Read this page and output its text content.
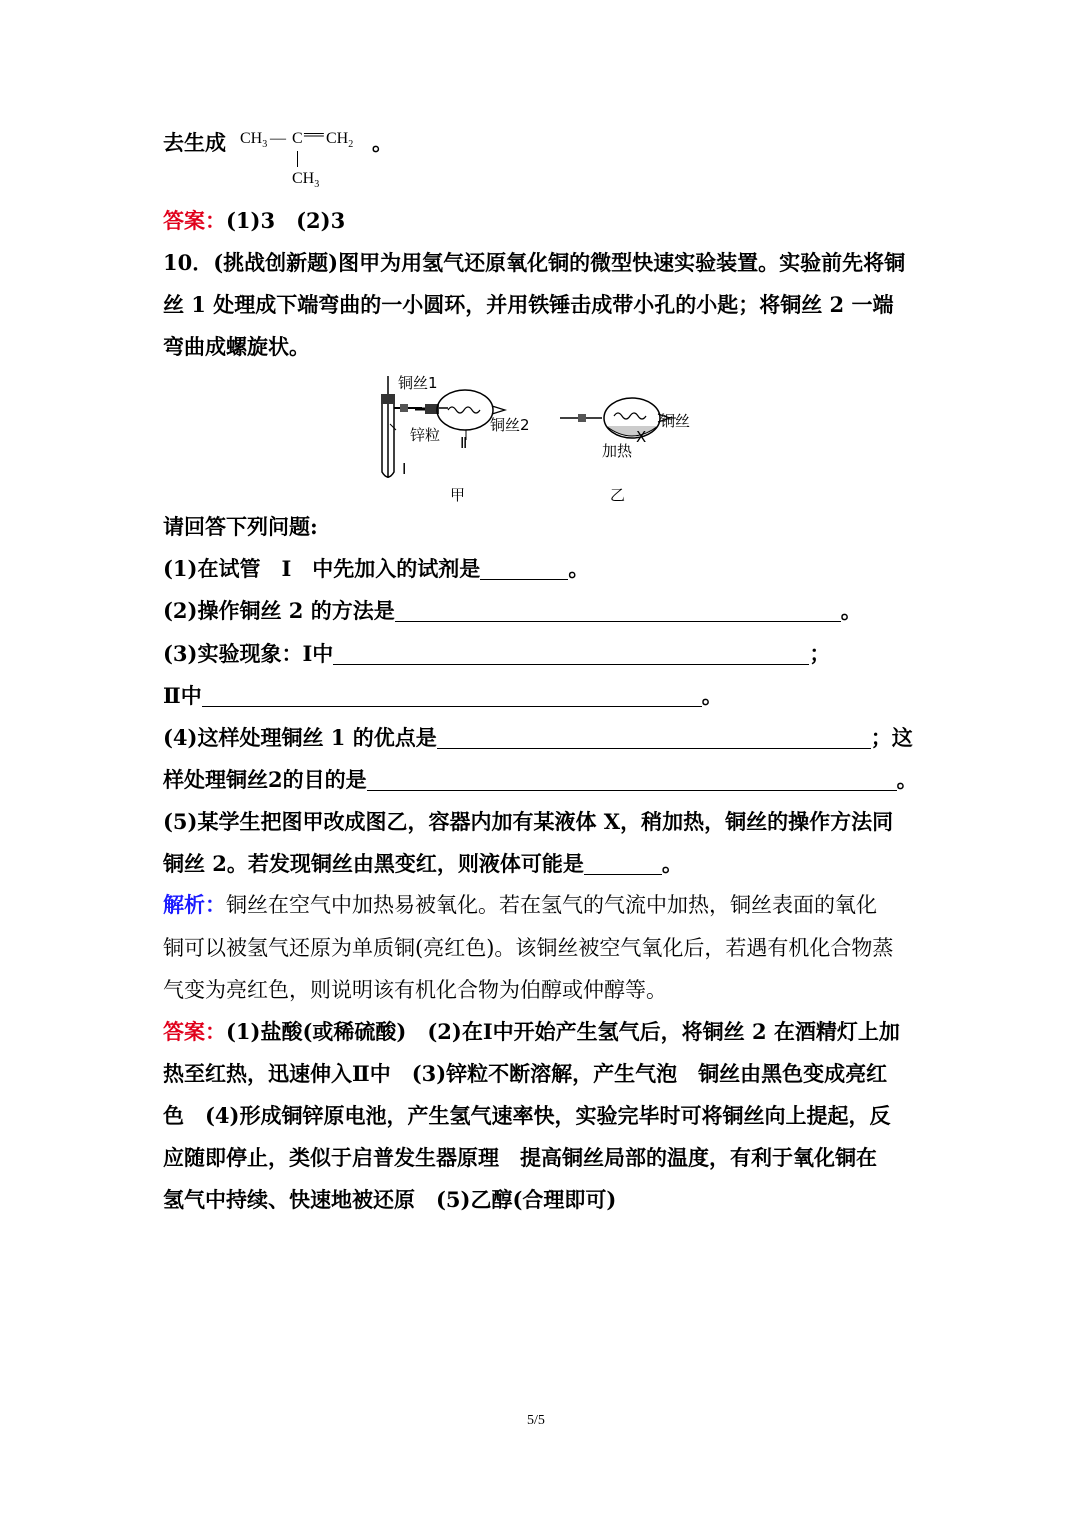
去生成 $CH_3$ — C ══ $CH_2$
$CH_3$
。
答案：(1)3　(2)3
10．(挑战创新题)图甲为用氢气还原氧化铜的微型快速实验装置。实验前先将铜
丝 1 处理成下端弯曲的一小圆环，并用铁锤击成带小孔的小匙；将铜丝 2 一端
弯曲成螺旋状。
铜丝1
锌粒
Ⅰ
Ⅱ
铜丝2
甲
铜丝
X
加热
乙
请回答下列问题:
(1)在试管　Ⅰ　中先加入的试剂是	。
(2)操作铜丝 2 的方法是	。
(3)实验现象：Ⅰ中	；
Ⅱ中	。
(4)这样处理铜丝 1 的优点是	；这
样处理铜丝2的目的是	。
(5)某学生把图甲改成图乙，容器内加有某液体 X，稍加热，铜丝的操作方法同
铜丝 2。若发现铜丝由黑变红，则液体可能是	。
解析：铜丝在空气中加热易被氧化。若在氢气的气流中加热，铜丝表面的氧化
铜可以被氢气还原为单质铜(亮红色)。该铜丝被空气氧化后，若遇有机化合物蒸
气变为亮红色，则说明该有机化合物为伯醇或仲醇等。
答案：(1)盐酸(或稀硫酸)　(2)在Ⅰ中开始产生氢气后，将铜丝 2 在酒精灯上加
热至红热，迅速伸入Ⅱ中　(3)锌粒不断溶解，产生气泡　铜丝由黑色变成亮红
色　(4)形成铜锌原电池，产生氢气速率快，实验完毕时可将铜丝向上提起，反
应随即停止，类似于启普发生器原理　提高铜丝局部的温度，有利于氧化铜在
氢气中持续、快速地被还原　(5)乙醇(合理即可)
5/5
